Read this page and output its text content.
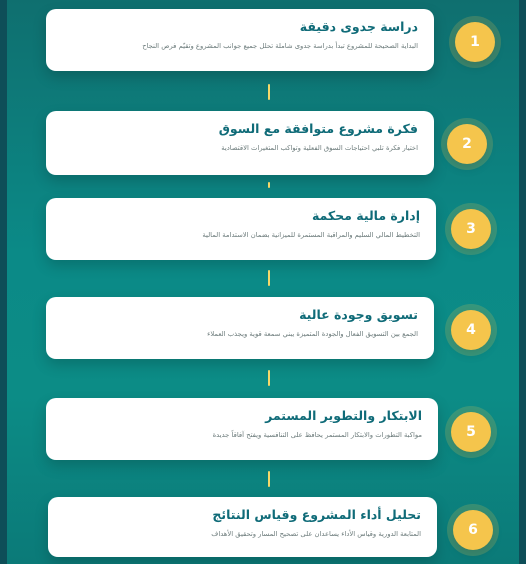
دراسة جدوى دقيقة
البداية الصحيحة للمشروع تبدأ بدراسة جدوى شاملة تحلل جميع جوانب المشروع وتقيّم فرص النجاح	1
فكرة مشروع متوافقة مع السوق
اختيار فكرة تلبي احتياجات السوق الفعلية وتواكب المتغيرات الاقتصادية	2
إدارة مالية محكمة
التخطيط المالي السليم والمراقبة المستمرة للميزانية بضمان الاستدامة المالية	3
تسويق وجودة عالية
الجمع بين التسويق الفعال والجودة المتميزة يبني سمعة قوية ويجذب العملاء	4
الابتكار والتطوير المستمر
مواكبة التطورات والابتكار المستمر يحافظ على التنافسية ويفتح آفاقاً جديدة	5
تحليل أداء المشروع وقياس النتائج
المتابعة الدورية وقياس الأداء يساعدان على تصحيح المسار وتحقيق الأهداف	6
